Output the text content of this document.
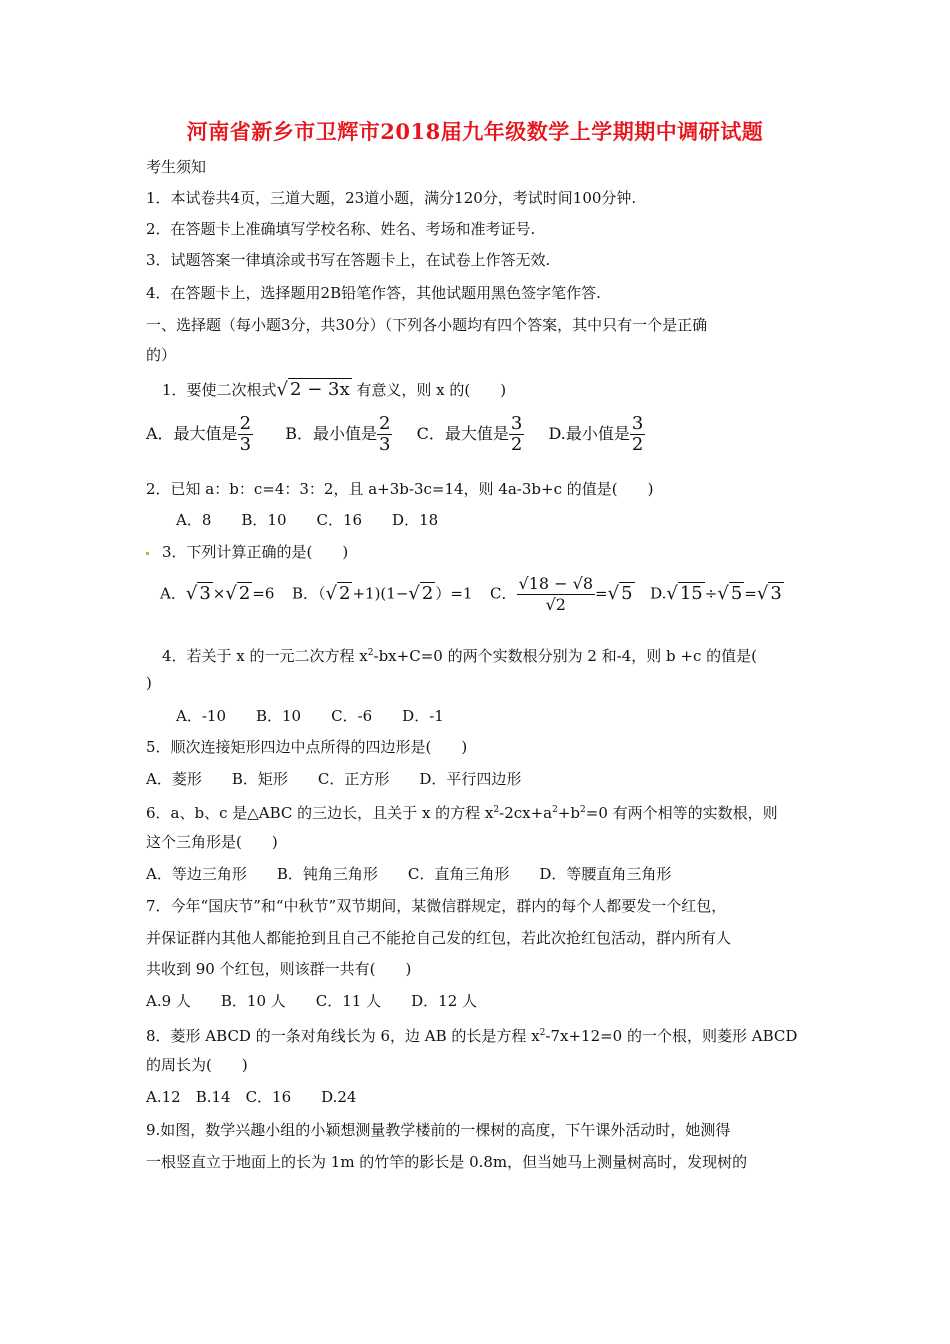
河南省新乡市卫辉市2018届九年级数学上学期期中调研试题
考生须知
1．本试卷共4页，三道大题，23道小题，满分120分，考试时间100分钟.
2．在答题卡上准确填写学校名称、姓名、考场和准考证号.
3．试题答案一律填涂或书写在答题卡上，在试卷上作答无效.
4．在答题卡上，选择题用2B铅笔作答，其他试题用黑色签字笔作答.
一、选择题（每小题3分，共30分）（下列各小题均有四个答案，其中只有一个是正确
的）
1．要使二次根式√ 2 − 3x 有意义，则 x 的(　　)
A．最大值是 $\frac{2}{3}$ B．最小值是 $\frac{2}{3}$ C．最大值是 $\frac{3}{2} D$.最小值是 $\frac{3}{2}$
2．已知 a：b：c=4：3：2，且 a+3b-3c=14，则 4a-3b+c 的值是(　　)
A．8　　B．10　　C．16　　D．18
3．下列计算正确的是(　　)
A．√ 3 ×√ 2 =6 B．（√ 2 +1)(1−√ 2 ）=1 C． $\frac{√18 - √8}{√2}$ =√ 5 D.√ 15 ÷√ 5 =√ 3
4．若关于 x 的一元二次方程 $x^2-bx+C=0$ 的两个实数根分别为 2 和-4，则 b +c 的值是(
)
A．-10　　B．10　　C．-6　　D．-1
5．顺次连接矩形四边中点所得的四边形是(　　)
A．菱形　　B．矩形　　C．正方形　　D．平行四边形
6．a、b、c 是△ABC 的三边长，且关于 x 的方程 $x^2-2cx+a^2+b^2=0$ 有两个相等的实数根，则
这个三角形是(　　)
A．等边三角形　　B．钝角三角形　　C．直角三角形　　D．等腰直角三角形
7．今年“国庆节”和“中秋节”双节期间，某微信群规定，群内的每个人都要发一个红包，
并保证群内其他人都能抢到且自己不能抢自己发的红包，若此次抢红包活动，群内所有人
共收到 90 个红包，则该群一共有(　　)
A.9 人　　B．10 人　　C．11 人　　D．12 人
8．菱形 ABCD 的一条对角线长为 6，边 AB 的长是方程 $x^2-7x+12=0$ 的一个根，则菱形 ABCD
的周长为(　　)
A.12　B.14　C．16　　D.24
9.如图，数学兴趣小组的小颖想测量教学楼前的一棵树的高度，下午课外活动时，她测得
一根竖直立于地面上的长为 1m 的竹竿的影长是 0.8m，但当她马上测量树高时，发现树的
